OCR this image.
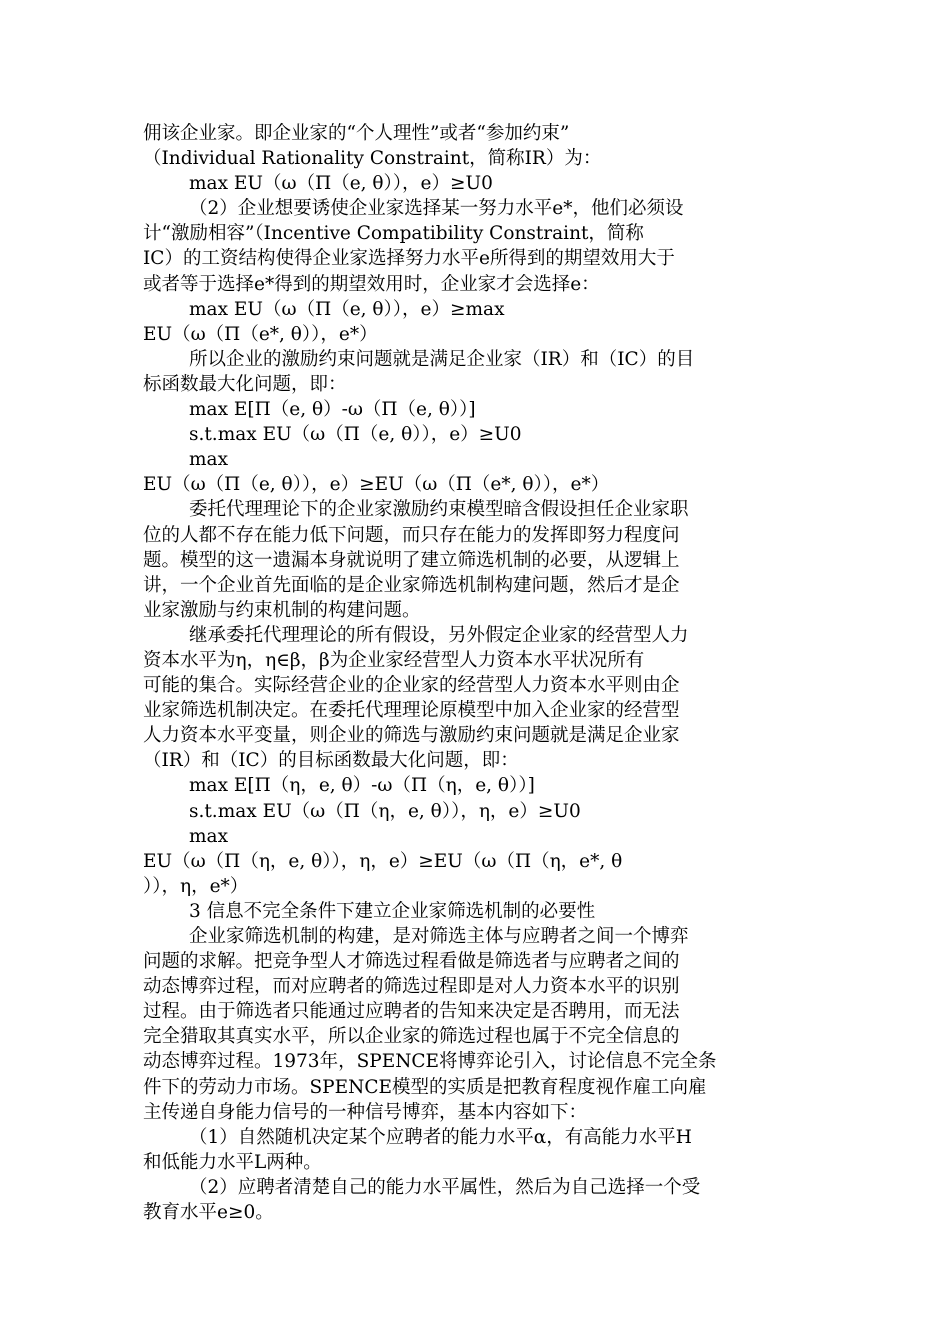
佣该企业家。即企业家的“个人理性”或者“参加约束”
（Individual Rationality Constraint，简称IR）为：
max EU（ω（Π（e, θ）），e）≥U0
（2）企业想要诱使企业家选择某一努力水平e*，他们必须设
计“激励相容”（Incentive Compatibility Constraint，简称
IC）的工资结构使得企业家选择努力水平e所得到的期望效用大于
或者等于选择e*得到的期望效用时，企业家才会选择e：
max EU（ω（Π（e, θ）），e）≥max
EU（ω（Π（e*, θ）），e*）
所以企业的激励约束问题就是满足企业家（IR）和（IC）的目
标函数最大化问题，即：
max E[Π（e, θ）-ω（Π（e, θ））]
s.t.max EU（ω（Π（e, θ）），e）≥U0
max
EU（ω（Π（e, θ）），e）≥EU（ω（Π（e*, θ）），e*）
委托代理理论下的企业家激励约束模型暗含假设担任企业家职
位的人都不存在能力低下问题，而只存在能力的发挥即努力程度问
题。模型的这一遗漏本身就说明了建立筛选机制的必要，从逻辑上
讲，一个企业首先面临的是企业家筛选机制构建问题，然后才是企
业家激励与约束机制的构建问题。
继承委托代理理论的所有假设，另外假定企业家的经营型人力
资本水平为η，η∈β，β为企业家经营型人力资本水平状况所有
可能的集合。实际经营企业的企业家的经营型人力资本水平则由企
业家筛选机制决定。在委托代理理论原模型中加入企业家的经营型
人力资本水平变量，则企业的筛选与激励约束问题就是满足企业家
（IR）和（IC）的目标函数最大化问题，即：
max E[Π（η，e, θ）-ω（Π（η，e, θ））]
s.t.max EU（ω（Π（η，e, θ）），η，e）≥U0
max
EU（ω（Π（η，e, θ）），η，e）≥EU（ω（Π（η，e*, θ
）），η，e*）
3 信息不完全条件下建立企业家筛选机制的必要性
企业家筛选机制的构建，是对筛选主体与应聘者之间一个博弈
问题的求解。把竞争型人才筛选过程看做是筛选者与应聘者之间的
动态博弈过程，而对应聘者的筛选过程即是对人力资本水平的识别
过程。由于筛选者只能通过应聘者的告知来决定是否聘用，而无法
完全猎取其真实水平，所以企业家的筛选过程也属于不完全信息的
动态博弈过程。1973年，SPENCE将博弈论引入，讨论信息不完全条
件下的劳动力市场。SPENCE模型的实质是把教育程度视作雇工向雇
主传递自身能力信号的一种信号博弈，基本内容如下：
（1）自然随机决定某个应聘者的能力水平α，有高能力水平H
和低能力水平L两种。
（2）应聘者清楚自己的能力水平属性，然后为自己选择一个受
教育水平e≥0。
